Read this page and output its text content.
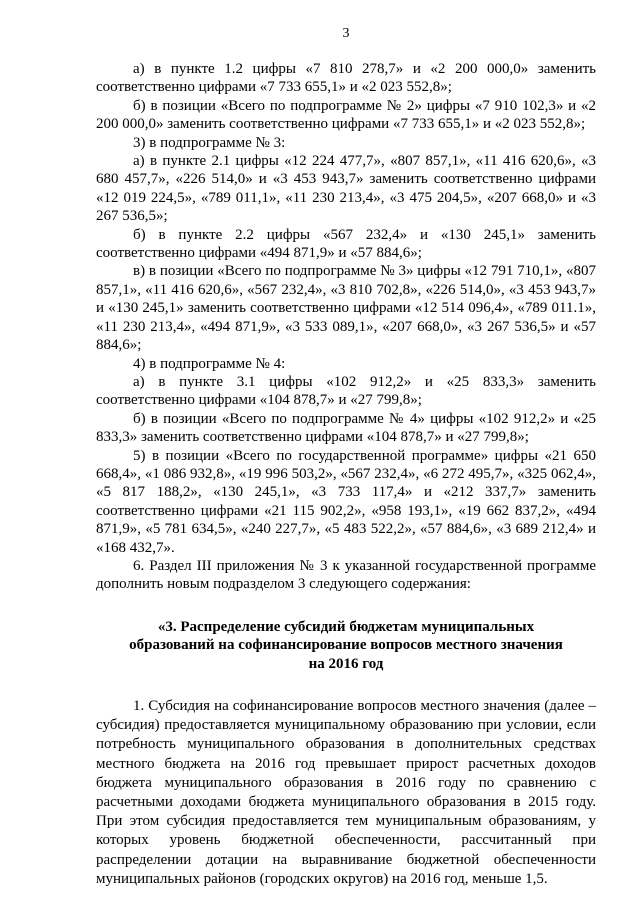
3

а) в пункте 1.2 цифры «7 810 278,7» и «2 200 000,0» заменить соответственно цифрами «7 733 655,1» и «2 023 552,8»;

б) в позиции «Всего по подпрограмме № 2» цифры «7 910 102,3» и «2 200 000,0» заменить соответственно цифрами «7 733 655,1» и «2 023 552,8»;

3) в подпрограмме № 3:

а) в пункте 2.1 цифры «12 224 477,7», «807 857,1», «11 416 620,6», «3 680 457,7», «226 514,0» и «3 453 943,7» заменить соответственно цифрами «12 019 224,5», «789 011,1», «11 230 213,4», «3 475 204,5», «207 668,0» и «3 267 536,5»;

б) в пункте 2.2 цифры «567 232,4» и «130 245,1» заменить соответственно цифрами «494 871,9» и «57 884,6»;

в) в позиции «Всего по подпрограмме № 3» цифры «12 791 710,1», «807 857,1», «11 416 620,6», «567 232,4», «3 810 702,8», «226 514,0», «3 453 943,7» и «130 245,1» заменить соответственно цифрами «12 514 096,4», «789 011.1», «11 230 213,4», «494 871,9», «3 533 089,1», «207 668,0», «3 267 536,5» и «57 884,6»;

4) в подпрограмме № 4:

а) в пункте 3.1 цифры «102 912,2» и «25 833,3» заменить соответственно цифрами «104 878,7» и «27 799,8»;

б) в позиции «Всего по подпрограмме № 4» цифры «102 912,2» и «25 833,3» заменить соответственно цифрами «104 878,7» и «27 799,8»;

5) в позиции «Всего по государственной программе» цифры «21 650 668,4», «1 086 932,8», «19 996 503,2», «567 232,4», «6 272 495,7», «325 062,4», «5 817 188,2», «130 245,1», «3 733 117,4» и «212 337,7» заменить соответственно цифрами «21 115 902,2», «958 193,1», «19 662 837,2», «494 871,9», «5 781 634,5», «240 227,7», «5 483 522,2», «57 884,6», «3 689 212,4» и «168 432,7».

6. Раздел III приложения № 3 к указанной государственной программе дополнить новым подразделом 3 следующего содержания:

«3. Распределение субсидий бюджетам муниципальных
образований на софинансирование вопросов местного значения
на 2016 год

1. Субсидия на софинансирование вопросов местного значения (далее – субсидия) предоставляется муниципальному образованию при условии, если потребность муниципального образования в дополнительных средствах местного бюджета на 2016 год превышает прирост расчетных доходов бюджета муниципального образования в 2016 году по сравнению с расчетными доходами бюджета муниципального образования в 2015 году. При этом субсидия предоставляется тем муниципальным образованиям, у которых уровень бюджетной обеспеченности, рассчитанный при распределении дотации на выравнивание бюджетной обеспеченности муниципальных районов (городских округов) на 2016 год, меньше 1,5.
